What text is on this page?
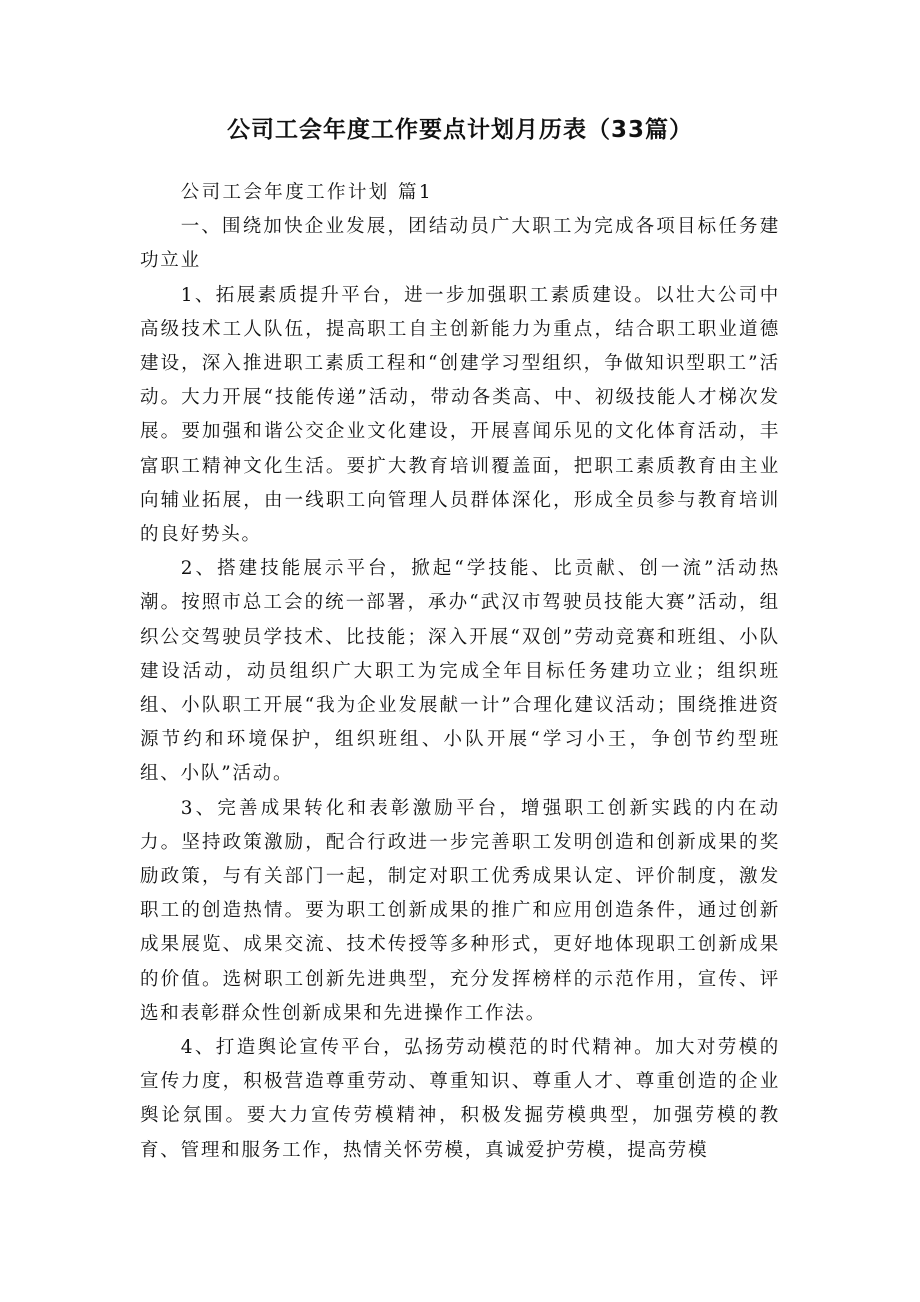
公司工会年度工作要点计划月历表（33篇）

公司工会年度工作计划 篇1

一、围绕加快企业发展，团结动员广大职工为完成各项目标任务建功立业

1、拓展素质提升平台，进一步加强职工素质建设。以壮大公司中高级技术工人队伍，提高职工自主创新能力为重点，结合职工职业道德建设，深入推进职工素质工程和“创建学习型组织，争做知识型职工”活动。大力开展“技能传递”活动，带动各类高、中、初级技能人才梯次发展。要加强和谐公交企业文化建设，开展喜闻乐见的文化体育活动，丰富职工精神文化生活。要扩大教育培训覆盖面，把职工素质教育由主业向辅业拓展，由一线职工向管理人员群体深化，形成全员参与教育培训的良好势头。

2、搭建技能展示平台，掀起“学技能、比贡献、创一流”活动热潮。按照市总工会的统一部署，承办“武汉市驾驶员技能大赛”活动，组织公交驾驶员学技术、比技能；深入开展“双创”劳动竞赛和班组、小队建设活动，动员组织广大职工为完成全年目标任务建功立业；组织班组、小队职工开展“我为企业发展献一计”合理化建议活动；围绕推进资源节约和环境保护，组织班组、小队开展“学习小王，争创节约型班组、小队”活动。

3、完善成果转化和表彰激励平台，增强职工创新实践的内在动力。坚持政策激励，配合行政进一步完善职工发明创造和创新成果的奖励政策，与有关部门一起，制定对职工优秀成果认定、评价制度，激发职工的创造热情。要为职工创新成果的推广和应用创造条件，通过创新成果展览、成果交流、技术传授等多种形式，更好地体现职工创新成果的价值。选树职工创新先进典型，充分发挥榜样的示范作用，宣传、评选和表彰群众性创新成果和先进操作工作法。

4、打造舆论宣传平台，弘扬劳动模范的时代精神。加大对劳模的宣传力度，积极营造尊重劳动、尊重知识、尊重人才、尊重创造的企业舆论氛围。要大力宣传劳模精神，积极发掘劳模典型，加强劳模的教育、管理和服务工作，热情关怀劳模，真诚爱护劳模，提高劳模
